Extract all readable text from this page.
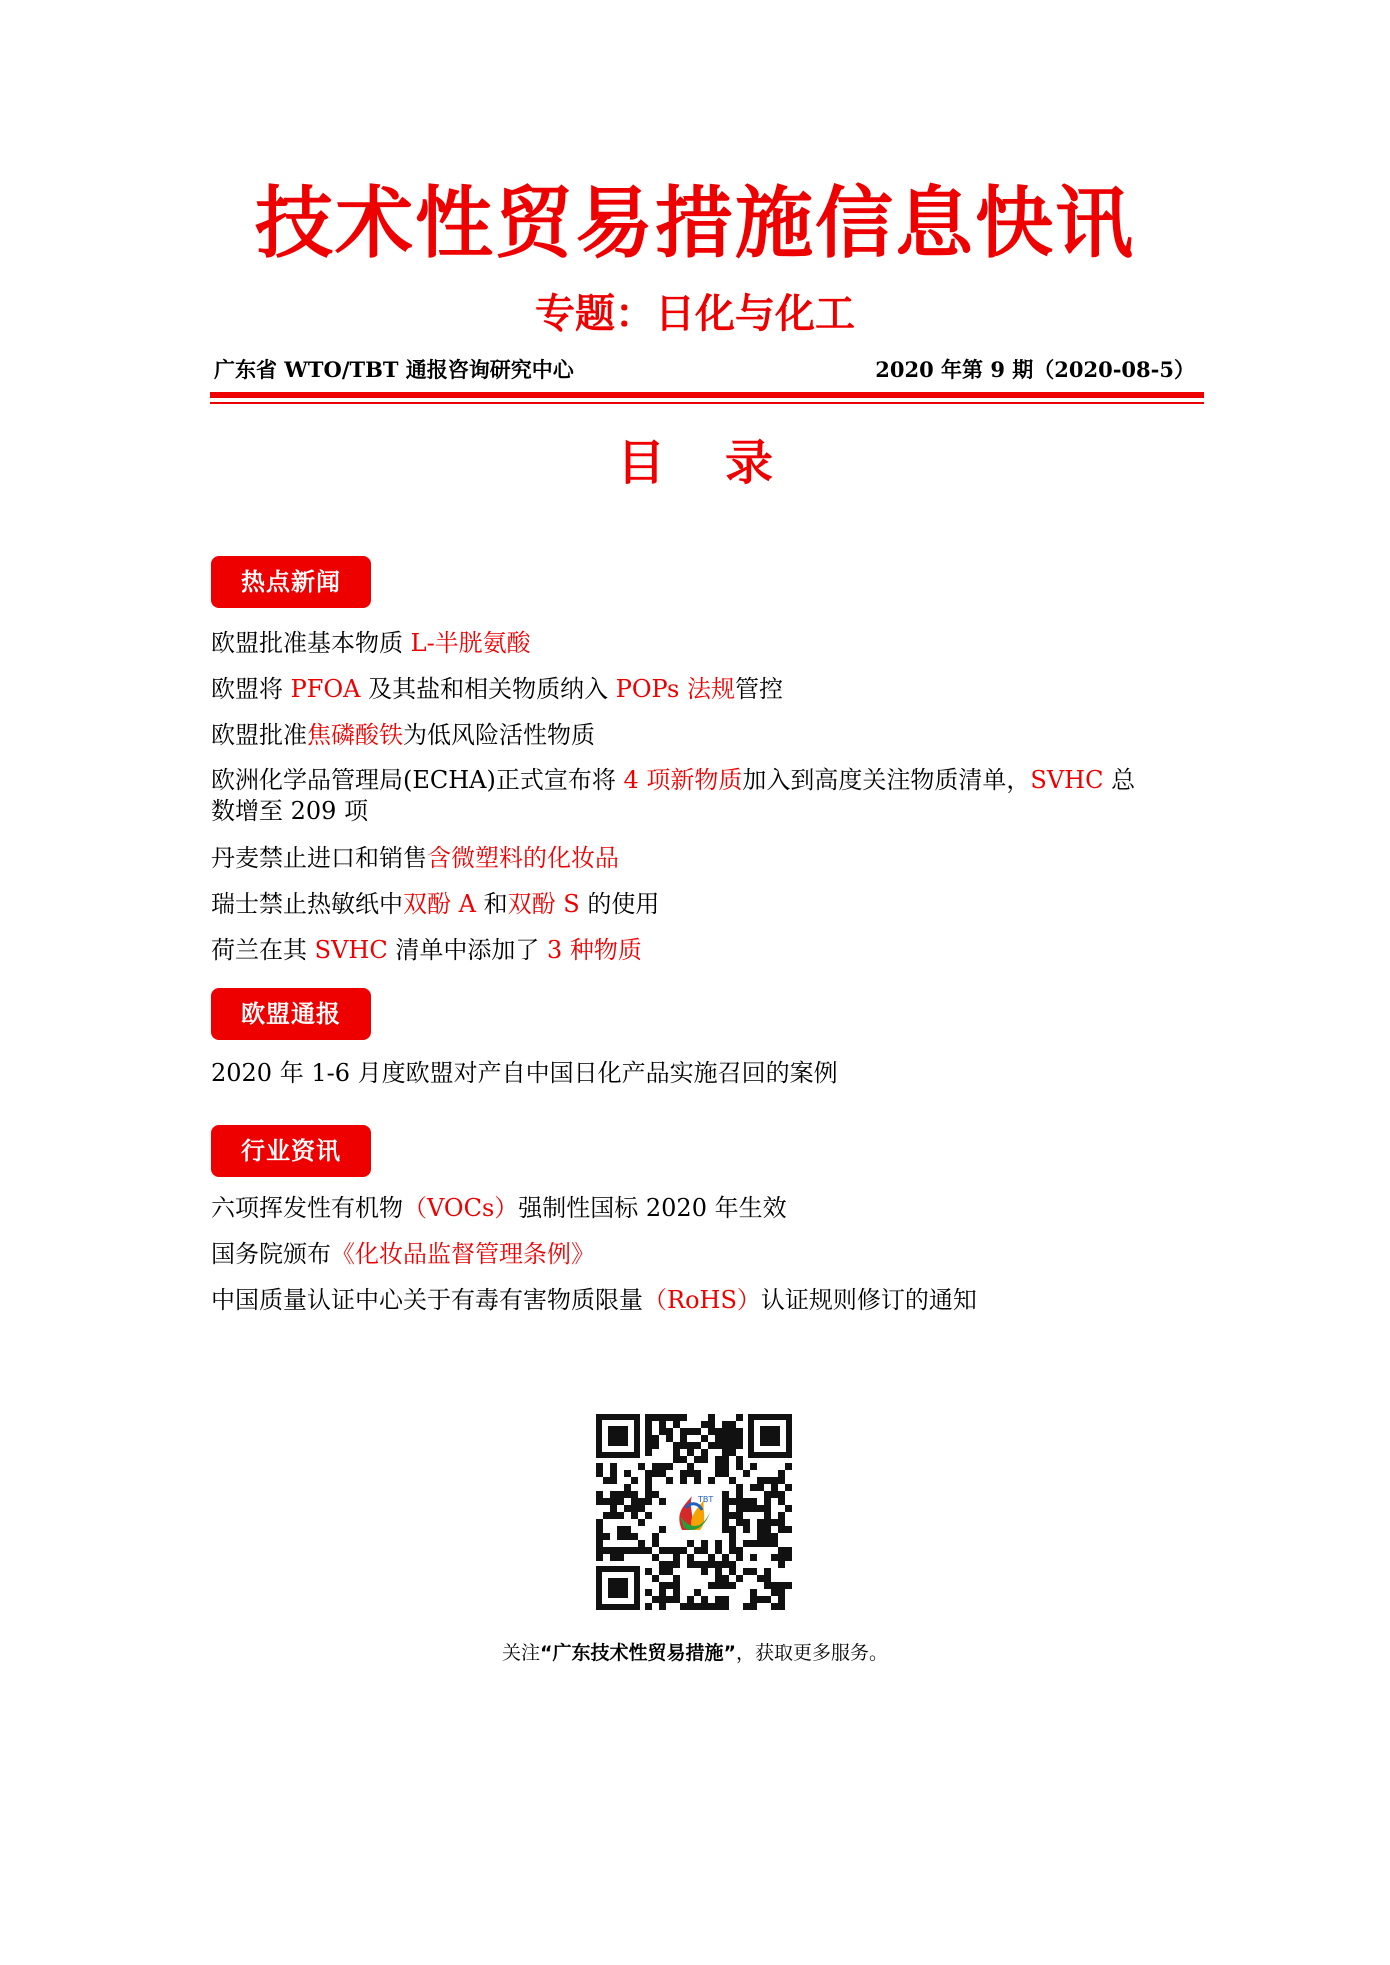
技术性贸易措施信息快讯
专题：日化与化工
广东省 WTO/TBT 通报咨询研究中心	2020 年第 9 期（2020-08-5）
目录
热点新闻
欧盟批准基本物质 L-半胱氨酸
欧盟将 PFOA 及其盐和相关物质纳入 POPs 法规管控
欧盟批准焦磷酸铁为低风险活性物质
欧洲化学品管理局(ECHA)正式宣布将 4 项新物质加入到高度关注物质清单，SVHC 总数增至 209 项
丹麦禁止进口和销售含微塑料的化妆品
瑞士禁止热敏纸中双酚 A 和双酚 S 的使用
荷兰在其 SVHC 清单中添加了 3 种物质
欧盟通报
2020 年 1-6 月度欧盟对产自中国日化产品实施召回的案例
行业资讯
六项挥发性有机物（VOCs）强制性国标 2020 年生效
国务院颁布《化妆品监督管理条例》
中国质量认证中心关于有毒有害物质限量（RoHS）认证规则修订的通知
TBT
关注“广东技术性贸易措施”，获取更多服务。
